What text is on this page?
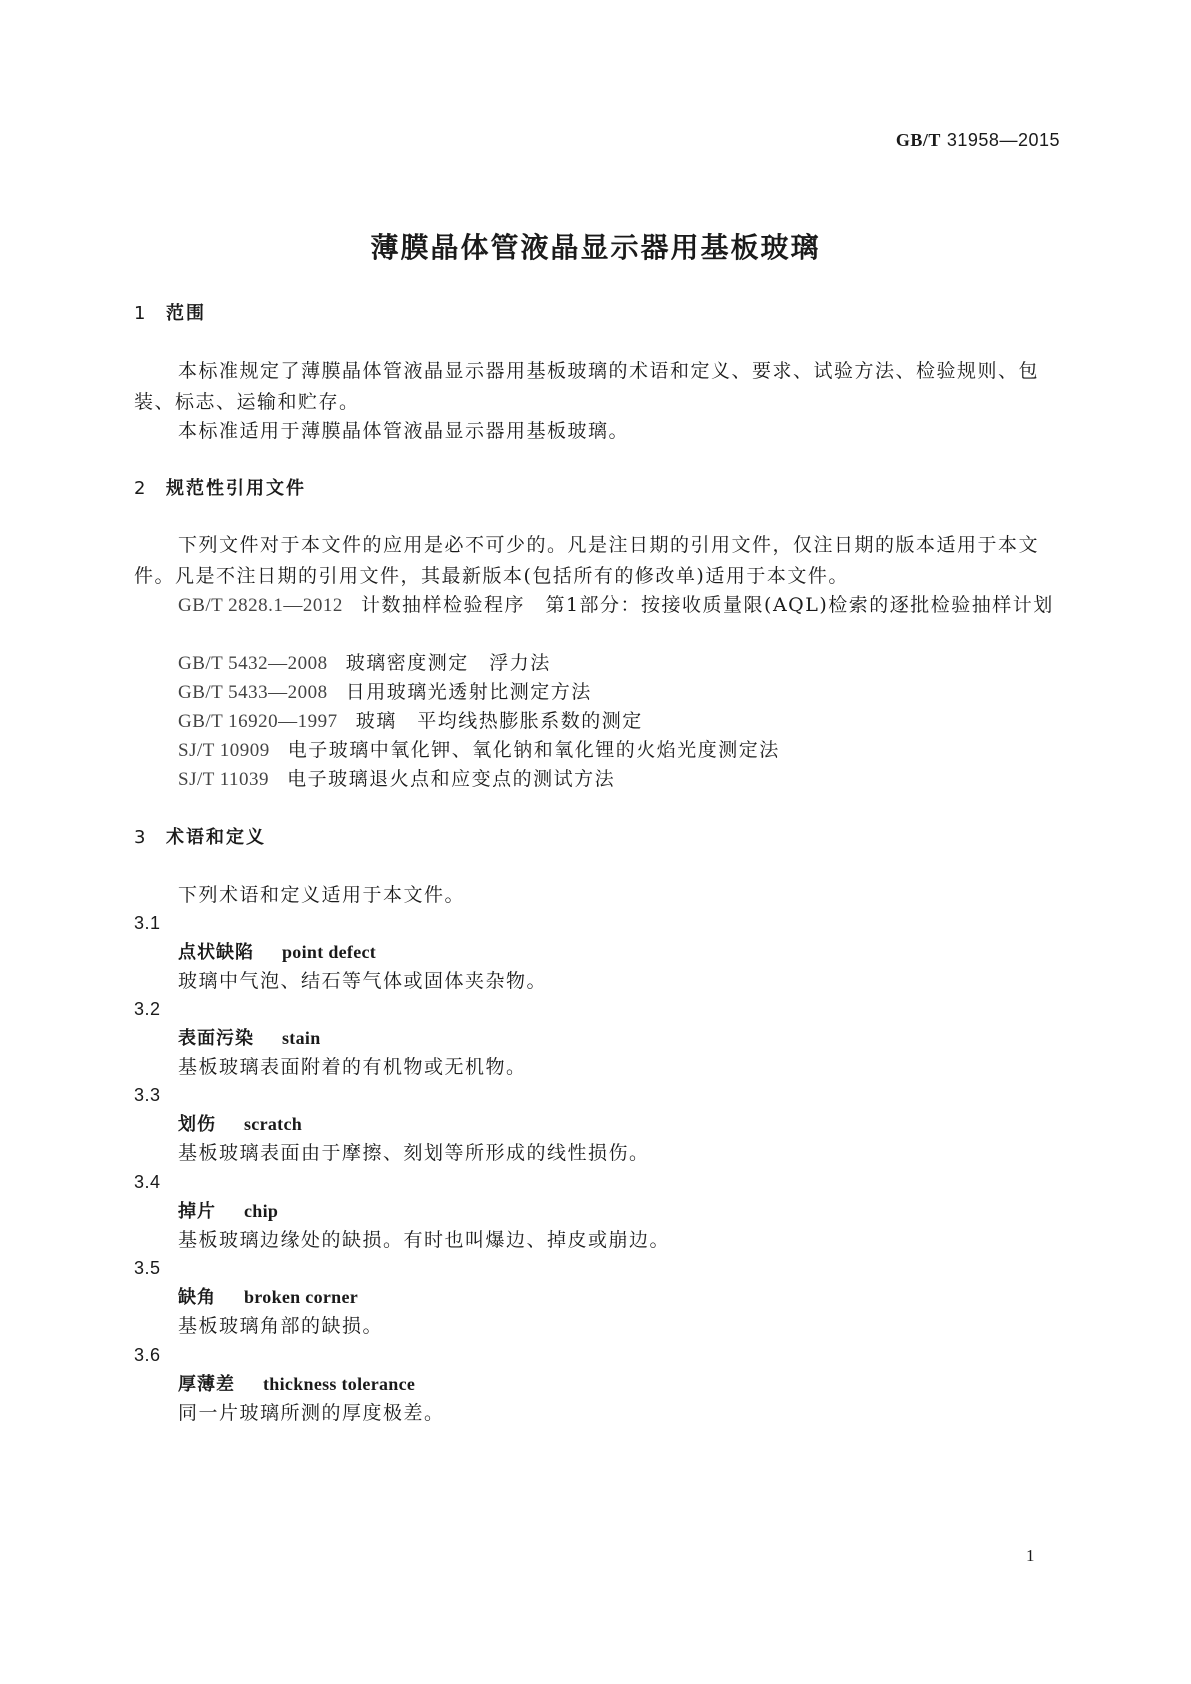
GB/T 31958—2015
薄膜晶体管液晶显示器用基板玻璃
1 范围
本标准规定了薄膜晶体管液晶显示器用基板玻璃的术语和定义、要求、试验方法、检验规则、包装、标志、运输和贮存。
本标准适用于薄膜晶体管液晶显示器用基板玻璃。
2 规范性引用文件
下列文件对于本文件的应用是必不可少的。凡是注日期的引用文件，仅注日期的版本适用于本文件。凡是不注日期的引用文件，其最新版本(包括所有的修改单)适用于本文件。
GB/T 2828.1—2012 计数抽样检验程序　第1部分：按接收质量限(AQL)检索的逐批检验抽样计划
GB/T 5432—2008 玻璃密度测定　浮力法
GB/T 5433—2008 日用玻璃光透射比测定方法
GB/T 16920—1997 玻璃　平均线热膨胀系数的测定
SJ/T 10909 电子玻璃中氧化钾、氧化钠和氧化锂的火焰光度测定法
SJ/T 11039 电子玻璃退火点和应变点的测试方法
3 术语和定义
下列术语和定义适用于本文件。
3.1
点状缺陷 point defect
玻璃中气泡、结石等气体或固体夹杂物。
3.2
表面污染 stain
基板玻璃表面附着的有机物或无机物。
3.3
划伤 scratch
基板玻璃表面由于摩擦、刻划等所形成的线性损伤。
3.4
掉片 chip
基板玻璃边缘处的缺损。有时也叫爆边、掉皮或崩边。
3.5
缺角 broken corner
基板玻璃角部的缺损。
3.6
厚薄差 thickness tolerance
同一片玻璃所测的厚度极差。
1
